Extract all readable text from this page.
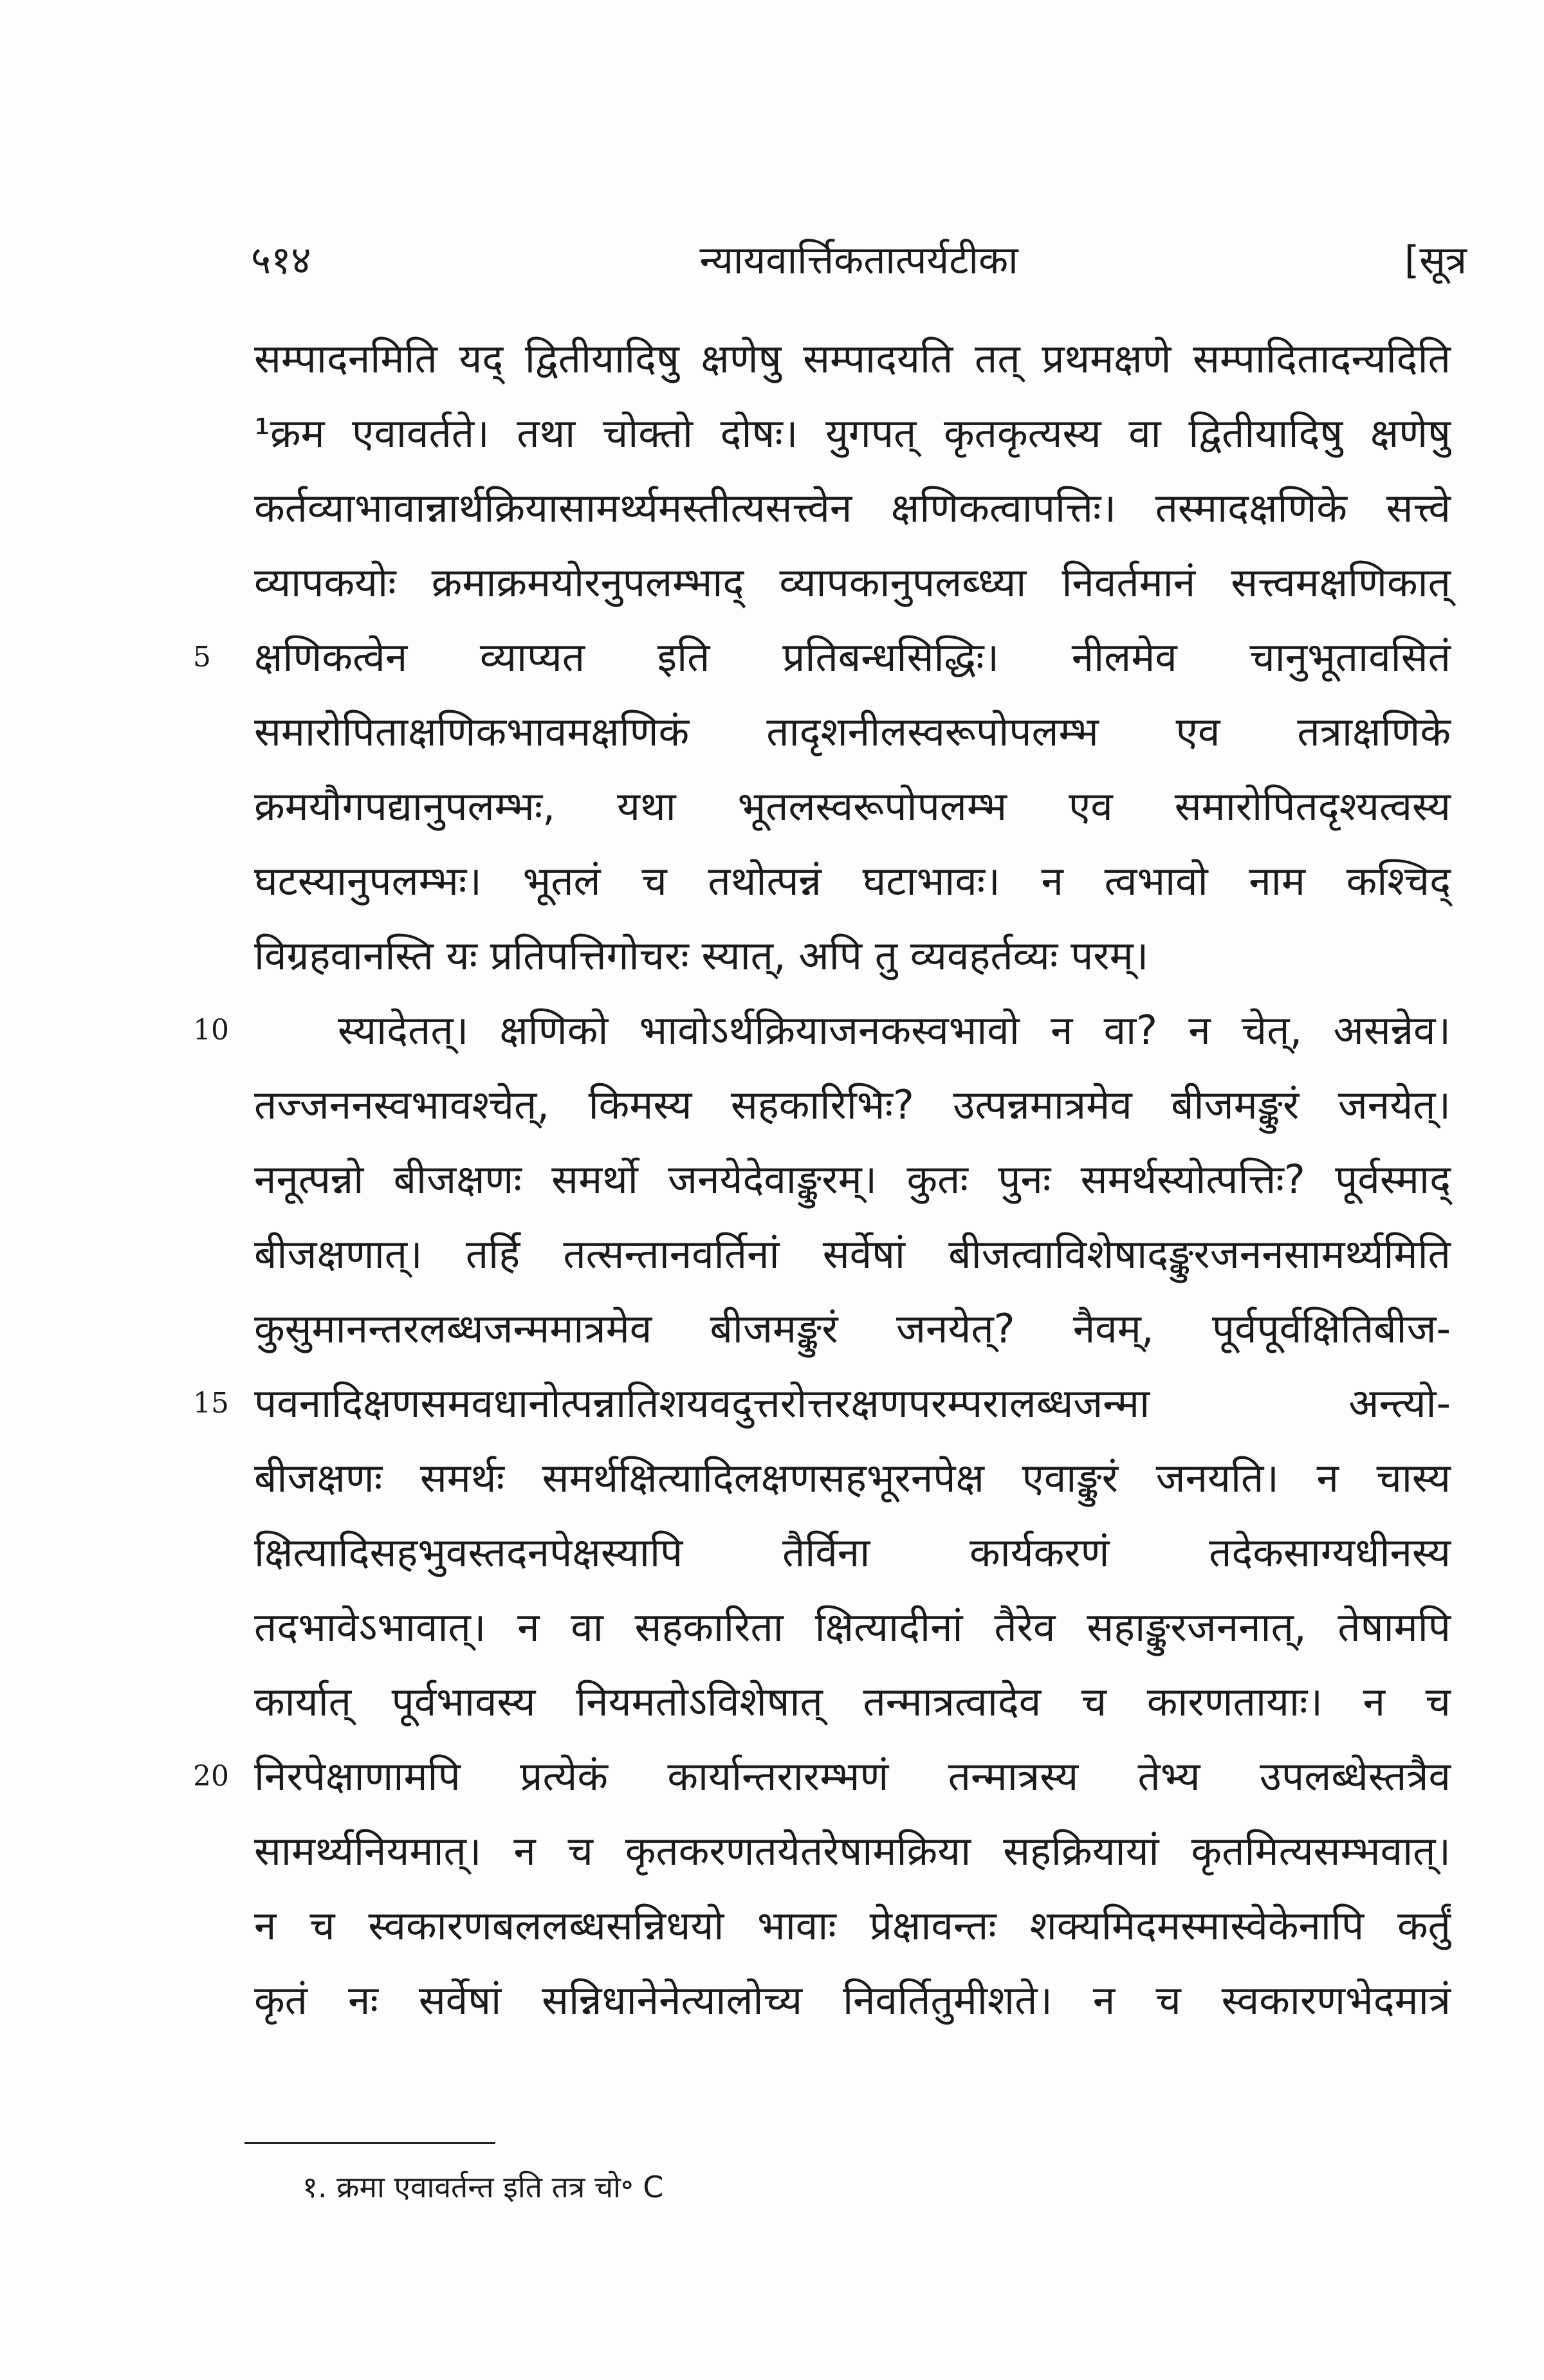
५१४	न्यायवार्त्तिकतात्पर्यटीका	[सूत्र
सम्पादनमिति यद् द्वितीयादिषु क्षणेषु सम्पादयति तत् प्रथमक्षणे सम्पादितादन्यदिति
¹क्रम एवावर्तते। तथा चोक्तो दोषः। युगपत् कृतकृत्यस्य वा द्वितीयादिषु क्षणेषु
कर्तव्याभावान्नार्थक्रियासामर्थ्यमस्तीत्यसत्त्वेन क्षणिकत्वापत्तिः। तस्मादक्षणिके सत्त्वे
व्यापकयोः क्रमाक्रमयोरनुपलम्भाद् व्यापकानुपलब्ध्या निवर्तमानं सत्त्वमक्षणिकात्
5 क्षणिकत्वेन व्याप्यत इति प्रतिबन्धसिद्धिः। नीलमेव चानुभूतावसितं
समारोपिताक्षणिकभावमक्षणिकं तादृशनीलस्वरूपोपलम्भ एव तत्राक्षणिके
क्रमयौगपद्यानुपलम्भः, यथा भूतलस्वरूपोपलम्भ एव समारोपितदृश्यत्वस्य
घटस्यानुपलम्भः। भूतलं च तथोत्पन्नं घटाभावः। न त्वभावो नाम कश्चिद्
विग्रहवानस्ति यः प्रतिपत्तिगोचरः स्यात्, अपि तु व्यवहर्तव्यः परम्।
10	स्यादेतत्। क्षणिको भावोऽर्थक्रियाजनकस्वभावो न वा? न चेत्, असन्नेव।
तज्जननस्वभावश्चेत्, किमस्य सहकारिभिः? उत्पन्नमात्रमेव बीजमङ्कुरं जनयेत्।
ननूत्पन्नो बीजक्षणः समर्थो जनयेदेवाङ्कुरम्। कुतः पुनः समर्थस्योत्पत्तिः? पूर्वस्माद्
बीजक्षणात्। तर्हि तत्सन्तानवर्तिनां सर्वेषां बीजत्वाविशेषादङ्कुरजननसामर्थ्यमिति
कुसुमानन्तरलब्धजन्ममात्रमेव बीजमङ्कुरं जनयेत्? नैवम्, पूर्वपूर्वक्षितिबीज-
15 पवनादिक्षणसमवधानोत्पन्नातिशयवदुत्तरोत्तरक्षणपरम्परालब्धजन्मा अन्त्यो-
बीजक्षणः समर्थः समर्थक्षित्यादिलक्षणसहभूरनपेक्ष एवाङ्कुरं जनयति। न चास्य
क्षित्यादिसहभुवस्तदनपेक्षस्यापि तैर्विना कार्यकरणं तदेकसाग्यधीनस्य
तदभावेऽभावात्। न वा सहकारिता क्षित्यादीनां तैरेव सहाङ्कुरजननात्, तेषामपि
कार्यात् पूर्वभावस्य नियमतोऽविशेषात् तन्मात्रत्वादेव च कारणतायाः। न च
20 निरपेक्षाणामपि प्रत्येकं कार्यान्तरारम्भणं तन्मात्रस्य तेभ्य उपलब्धेस्तत्रैव
सामर्थ्यनियमात्। न च कृतकरणतयेतरेषामक्रिया सहक्रियायां कृतमित्यसम्भवात्।
न च स्वकारणबललब्धसन्निधयो भावाः प्रेक्षावन्तः शक्यमिदमस्मास्वेकेनापि कर्तुं
कृतं नः सर्वेषां सन्निधानेनेत्यालोच्य निवर्तितुमीशते। न च स्वकारणभेदमात्रं
१. क्रमा एवावर्तन्त इति तत्र चो॰ C
